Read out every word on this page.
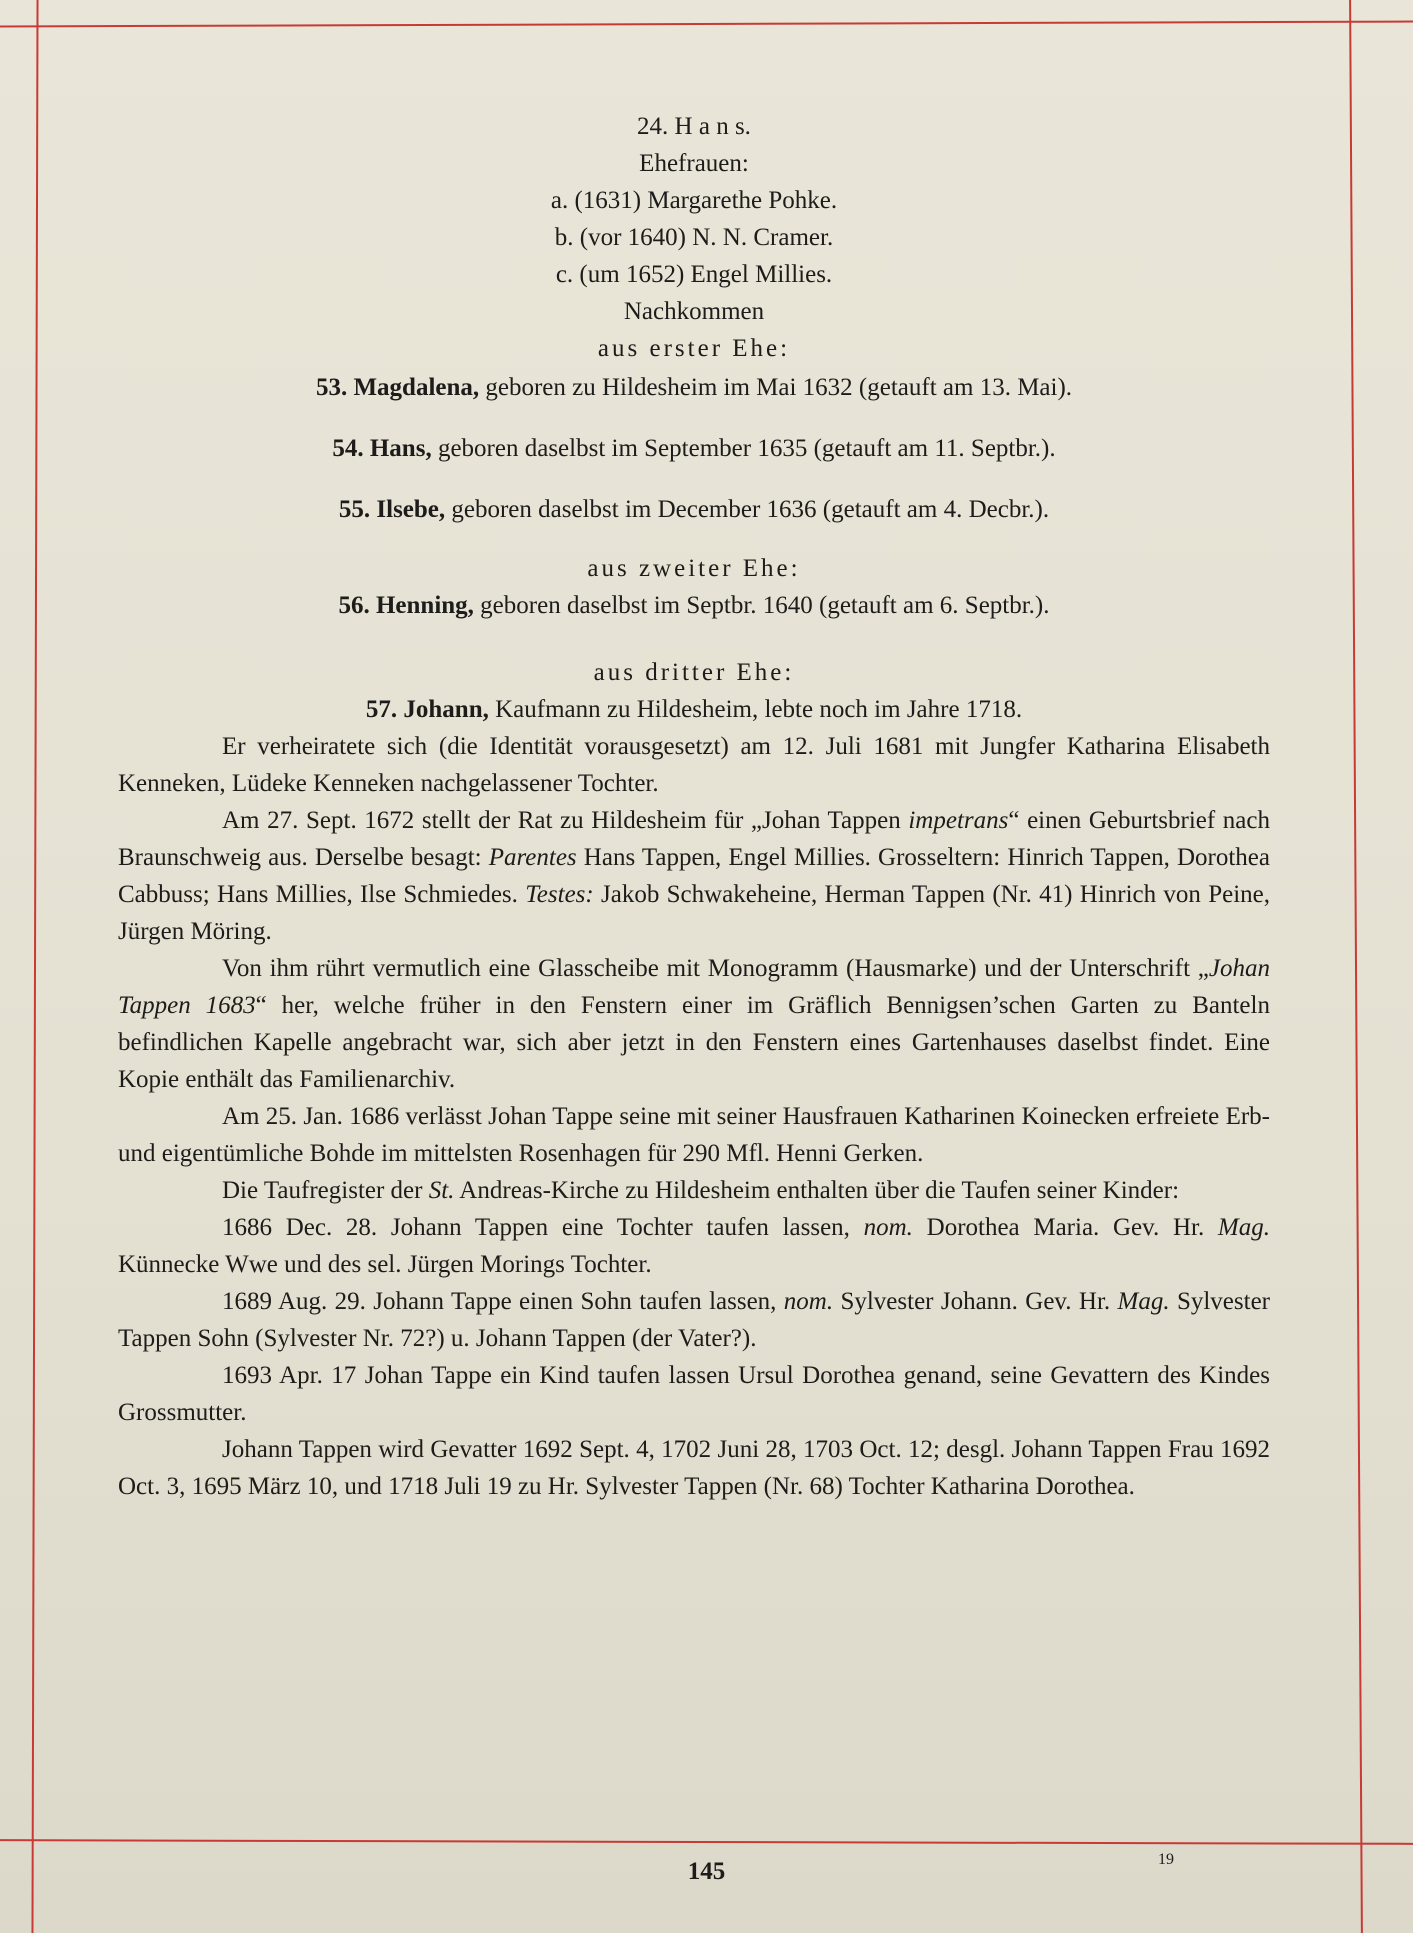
24. H a n s.
Ehefrauen:
a. (1631) Margarethe Pohke.
b. (vor 1640) N. N. Cramer.
c. (um 1652) Engel Millies.
Nachkommen
aus erster Ehe:

53. Magdalena, geboren zu Hildesheim im Mai 1632 (getauft am 13. Mai).

54. Hans, geboren daselbst im September 1635 (getauft am 11. Septbr.).

55. Ilsebe, geboren daselbst im December 1636 (getauft am 4. Decbr.).

aus zweiter Ehe:

56. Henning, geboren daselbst im Septbr. 1640 (getauft am 6. Septbr.).

aus dritter Ehe:

57. Johann, Kaufmann zu Hildesheim, lebte noch im Jahre 1718.

Er verheiratete sich (die Identität vorausgesetzt) am 12. Juli 1681 mit Jungfer Katharina Elisabeth Kenneken, Lüdeke Kenneken nachgelassener Tochter.

Am 27. Sept. 1672 stellt der Rat zu Hildesheim für „Johan Tappen impetrans“ einen Geburtsbrief nach Braunschweig aus. Derselbe besagt: Parentes Hans Tappen, Engel Millies. Grosseltern: Hinrich Tappen, Dorothea Cabbuss; Hans Millies, Ilse Schmiedes. Testes: Jakob Schwakeheine, Herman Tappen (Nr. 41) Hinrich von Peine, Jürgen Möring.

Von ihm rührt vermutlich eine Glasscheibe mit Monogramm (Hausmarke) und der Unterschrift „Johan Tappen 1683“ her, welche früher in den Fenstern einer im Gräflich Bennigsen’schen Garten zu Banteln befindlichen Kapelle angebracht war, sich aber jetzt in den Fenstern eines Gartenhauses daselbst findet. Eine Kopie enthält das Familienarchiv.

Am 25. Jan. 1686 verlässt Johan Tappe seine mit seiner Hausfrauen Katharinen Koinecken erfreiete Erb- und eigentümliche Bohde im mittelsten Rosenhagen für 290 Mfl. Henni Gerken.

Die Taufregister der St. Andreas-Kirche zu Hildesheim enthalten über die Taufen seiner Kinder:

1686 Dec. 28. Johann Tappen eine Tochter taufen lassen, nom. Dorothea Maria. Gev. Hr. Mag. Künnecke Wwe und des sel. Jürgen Morings Tochter.

1689 Aug. 29. Johann Tappe einen Sohn taufen lassen, nom. Sylvester Johann. Gev. Hr. Mag. Sylvester Tappen Sohn (Sylvester Nr. 72?) u. Johann Tappen (der Vater?).

1693 Apr. 17 Johan Tappe ein Kind taufen lassen Ursul Dorothea genand, seine Gevattern des Kindes Grossmutter.

Johann Tappen wird Gevatter 1692 Sept. 4, 1702 Juni 28, 1703 Oct. 12; desgl. Johann Tappen Frau 1692 Oct. 3, 1695 März 10, und 1718 Juli 19 zu Hr. Sylvester Tappen (Nr. 68) Tochter Katharina Dorothea.

145	19
